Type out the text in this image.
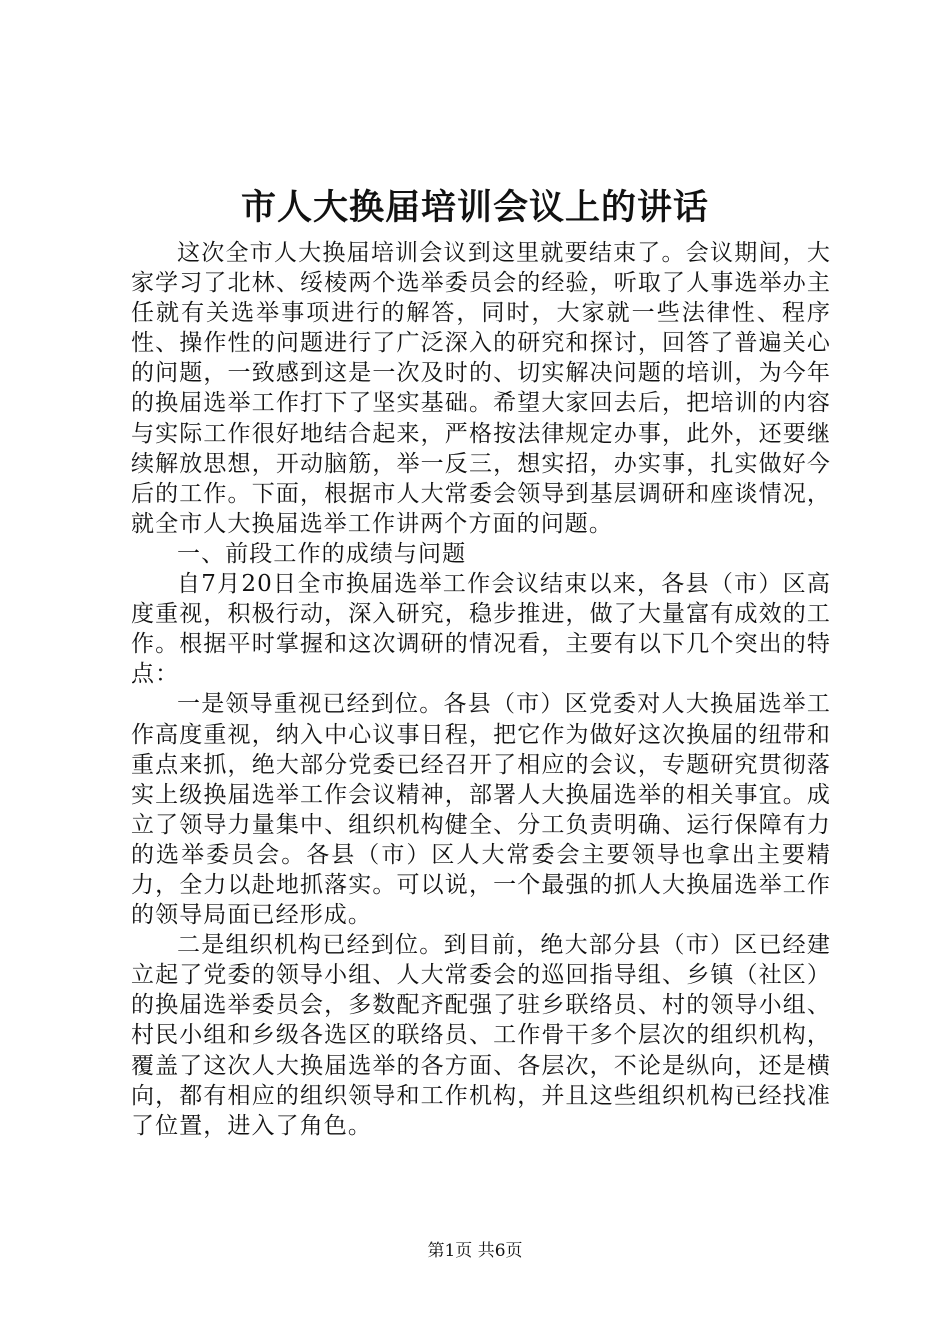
市人大换届培训会议上的讲话

这次全市人大换届培训会议到这里就要结束了。会议期间，大家学习了北林、绥棱两个选举委员会的经验，听取了人事选举办主任就有关选举事项进行的解答，同时，大家就一些法律性、程序性、操作性的问题进行了广泛深入的研究和探讨，回答了普遍关心的问题，一致感到这是一次及时的、切实解决问题的培训，为今年的换届选举工作打下了坚实基础。希望大家回去后，把培训的内容与实际工作很好地结合起来，严格按法律规定办事，此外，还要继续解放思想，开动脑筋，举一反三，想实招，办实事，扎实做好今后的工作。下面，根据市人大常委会领导到基层调研和座谈情况，就全市人大换届选举工作讲两个方面的问题。

一、前段工作的成绩与问题

自7月20日全市换届选举工作会议结束以来，各县（市）区高度重视，积极行动，深入研究，稳步推进，做了大量富有成效的工作。根据平时掌握和这次调研的情况看，主要有以下几个突出的特点：

一是领导重视已经到位。各县（市）区党委对人大换届选举工作高度重视，纳入中心议事日程，把它作为做好这次换届的纽带和重点来抓，绝大部分党委已经召开了相应的会议，专题研究贯彻落实上级换届选举工作会议精神，部署人大换届选举的相关事宜。成立了领导力量集中、组织机构健全、分工负责明确、运行保障有力的选举委员会。各县（市）区人大常委会主要领导也拿出主要精力，全力以赴地抓落实。可以说，一个最强的抓人大换届选举工作的领导局面已经形成。

二是组织机构已经到位。到目前，绝大部分县（市）区已经建立起了党委的领导小组、人大常委会的巡回指导组、乡镇（社区）的换届选举委员会，多数配齐配强了驻乡联络员、村的领导小组、村民小组和乡级各选区的联络员、工作骨干多个层次的组织机构，覆盖了这次人大换届选举的各方面、各层次，不论是纵向，还是横向，都有相应的组织领导和工作机构，并且这些组织机构已经找准了位置，进入了角色。

第1页 共6页
